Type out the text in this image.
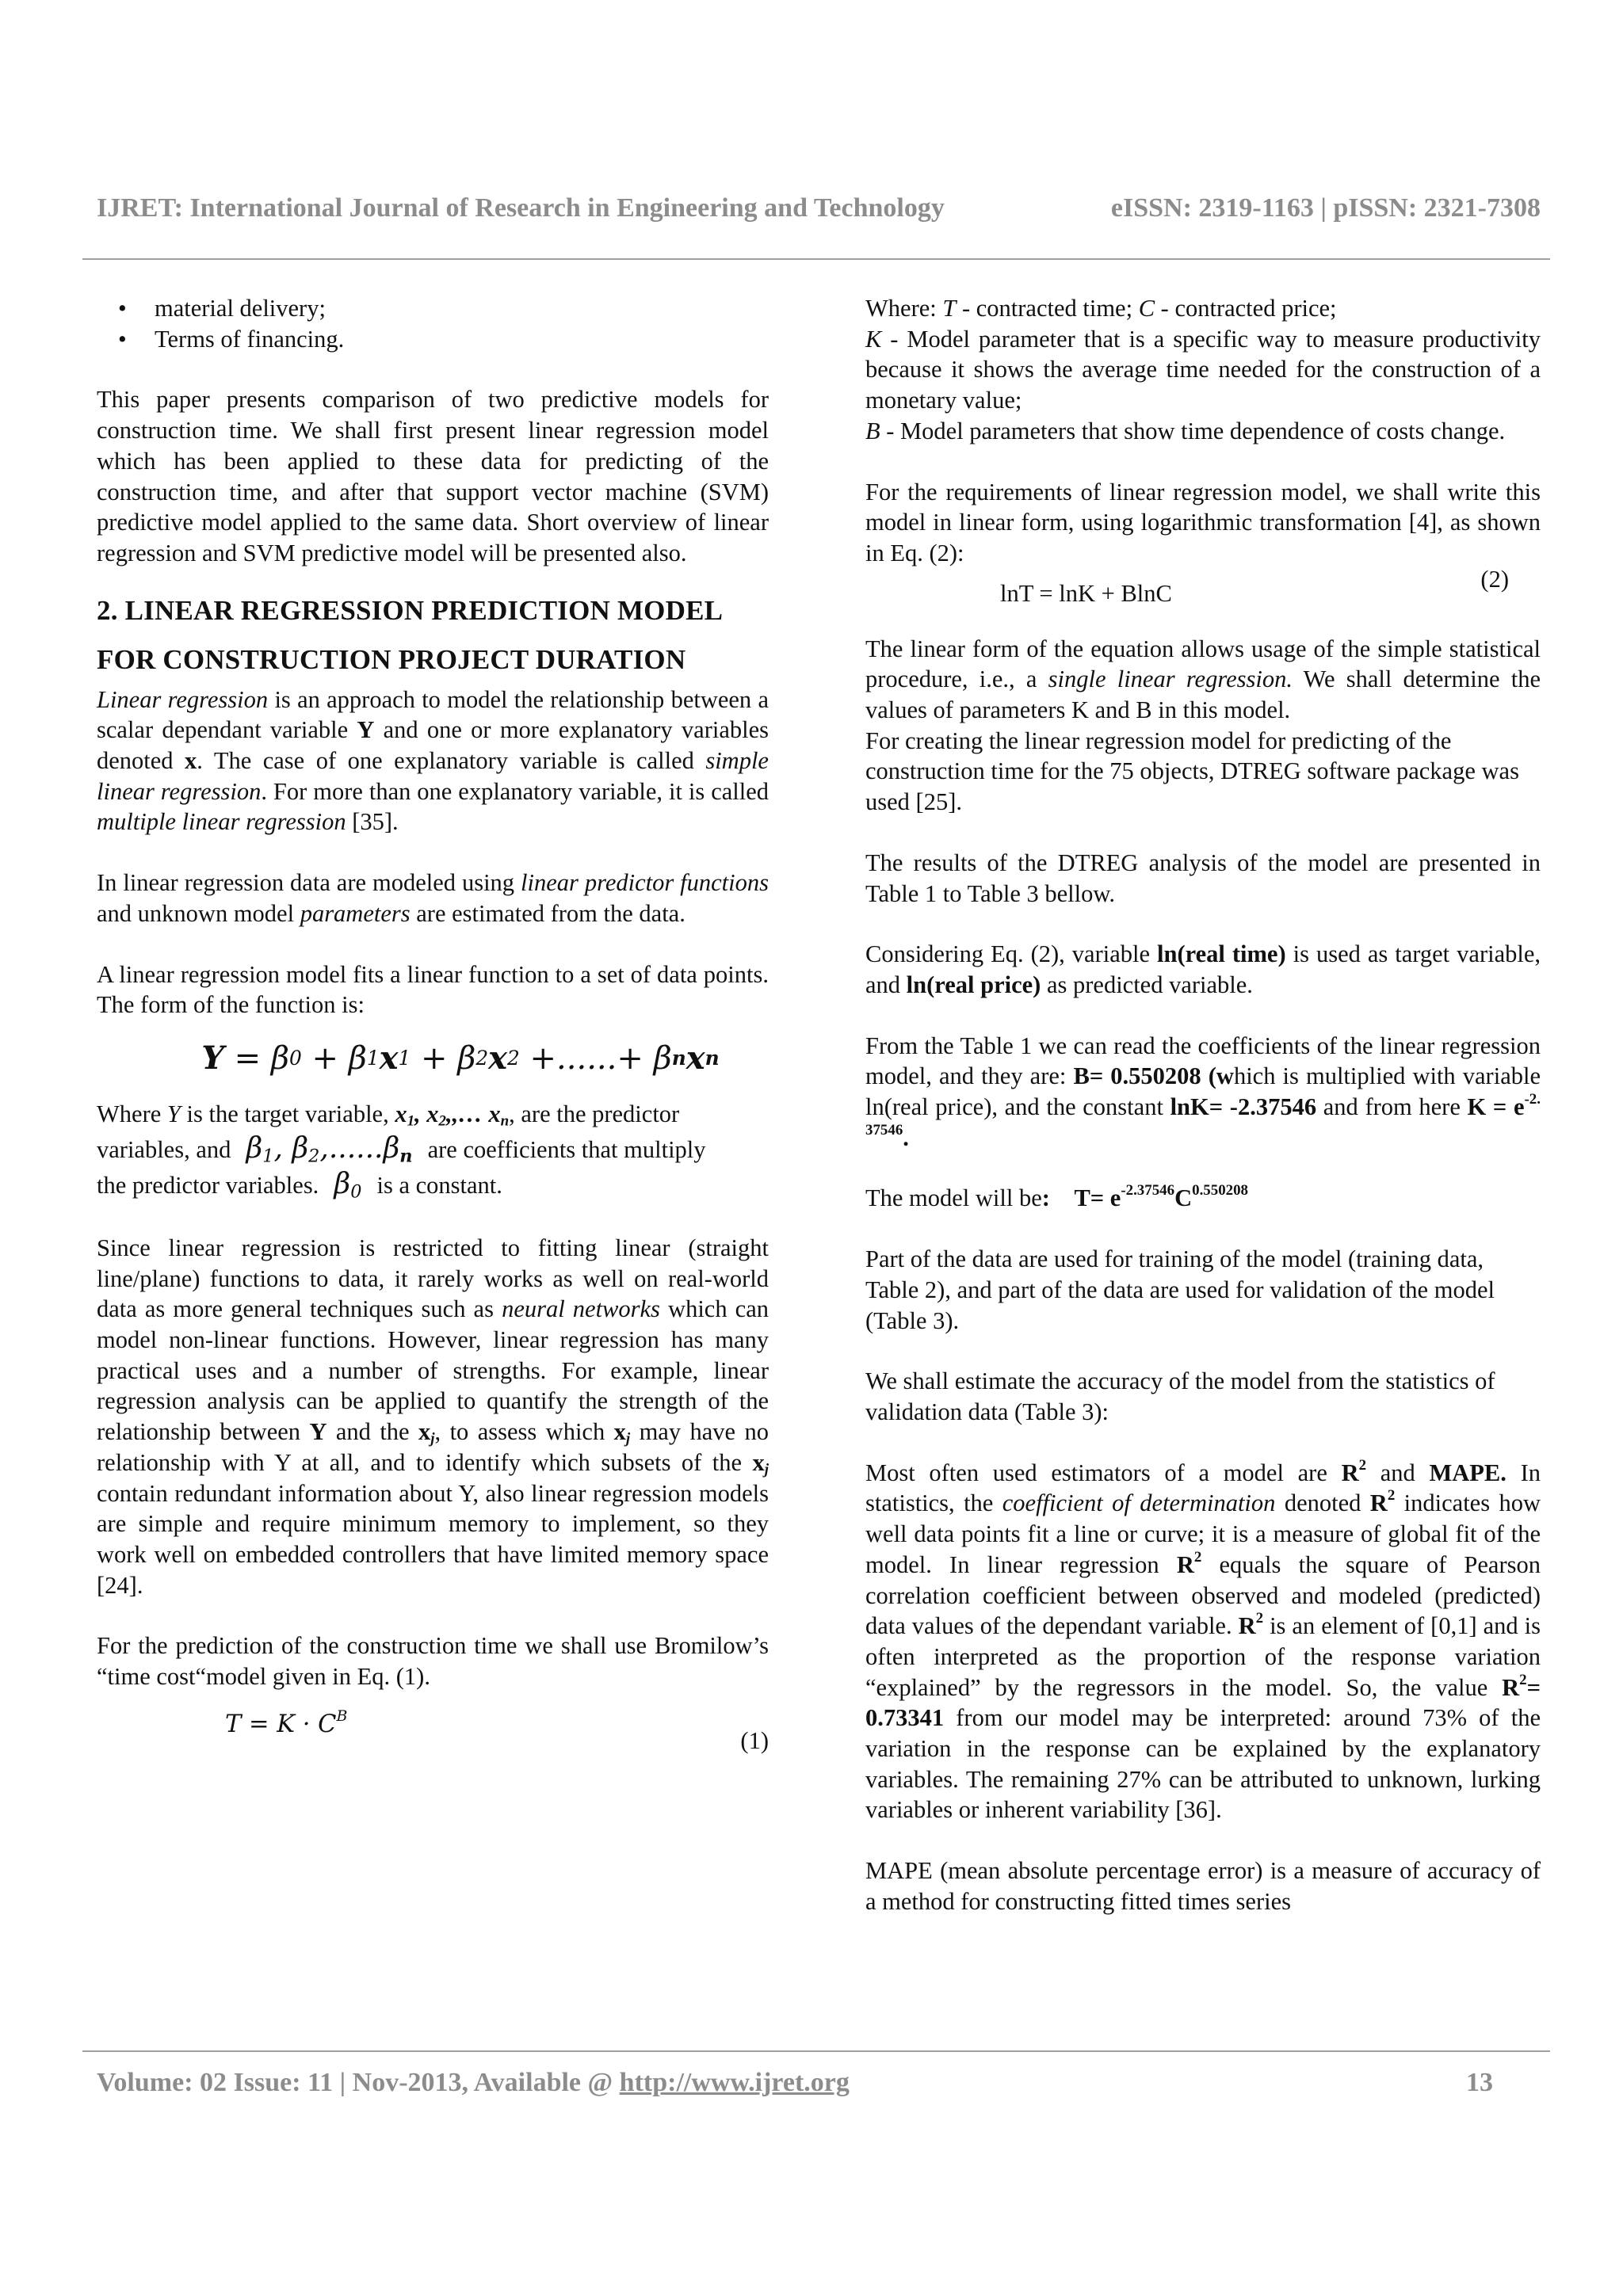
IJRET: International Journal of Research in Engineering and Technology	eISSN: 2319-1163 | pISSN: 2321-7308
• material delivery;
• Terms of financing.

This paper presents comparison of two predictive models for construction time. We shall first present linear regression model which has been applied to these data for predicting of the construction time, and after that support vector machine (SVM) predictive model applied to the same data. Short overview of linear regression and SVM predictive model will be presented also.

2. LINEAR REGRESSION PREDICTION MODEL
FOR CONSTRUCTION PROJECT DURATION

Linear regression is an approach to model the relationship between a scalar dependant variable Y and one or more explanatory variables denoted x. The case of one explanatory variable is called simple linear regression. For more than one explanatory variable, it is called multiple linear regression [35].

In linear regression data are modeled using linear predictor functions and unknown model parameters are estimated from the data.

A linear regression model fits a linear function to a set of data points. The form of the function is:

Y = β 0 + β 1 x 1 + β 2 x 2 +......+ β n x n

Where Y is the target variable, $x_1$, $x_2,,\dots$ $x_n$, are the predictor
variables, and  $\beta_1$, $\beta_2,......\beta_n$ are coefficients that multiply
the predictor variables.  $\beta_0$ is a constant.

Since linear regression is restricted to fitting linear (straight line/plane) functions to data, it rarely works as well on real-world data as more general techniques such as neural networks which can model non-linear functions. However, linear regression has many practical uses and a number of strengths. For example, linear regression analysis can be applied to quantify the strength of the relationship between Y and the $x_j$, to assess which $x_j$ may have no relationship with Y at all, and to identify which subsets of the $x_j$ contain redundant information about Y, also linear regression models are simple and require minimum memory to implement, so they work well on embedded controllers that have limited memory space [24].

For the prediction of the construction time we shall use Bromilow’s “time cost“model given in Eq. (1).

$T = K \cdot C^B$
(1)

Where: T - contracted time; C - contracted price;
K - Model parameter that is a specific way to measure productivity because it shows the average time needed for the construction of a monetary value;
B - Model parameters that show time dependence of costs change.

For the requirements of linear regression model, we shall write this model in linear form, using logarithmic transformation [4], as shown in Eq. (2):

lnT = lnK + BlnC
(2)

The linear form of the equation allows usage of the simple statistical procedure, i.e., a single linear regression. We shall determine the values of parameters K and B in this model.

For creating the linear regression model for predicting of the construction time for the 75 objects, DTREG software package was used [25].

The results of the DTREG analysis of the model are presented in Table 1 to Table 3 bellow.

Considering Eq. (2), variable ln(real time) is used as target variable, and ln(real price) as predicted variable.

From the Table 1 we can read the coefficients of the linear regression model, and they are: B= 0.550208 (which is multiplied with variable ln(real price), and the constant lnK= -2.37546 and from here $K = e^{-2. 37546}$.

The model will be: $T= e^{-2.37546}C^{0.550208}$

Part of the data are used for training of the model (training data, Table 2), and part of the data are used for validation of the model (Table 3).

We shall estimate the accuracy of the model from the statistics of validation data (Table 3):

Most often used estimators of a model are $R^2$ and MAPE. In statistics, the coefficient of determination denoted $R^2$ indicates how well data points fit a line or curve; it is a measure of global fit of the model. In linear regression $R^2$ equals the square of Pearson correlation coefficient between observed and modeled (predicted) data values of the dependant variable. $R^2$ is an element of [0,1] and is often interpreted as the proportion of the response variation “explained” by the regressors in the model. So, the value $R^2= 0.73341$ from our model may be interpreted: around 73% of the variation in the response can be explained by the explanatory variables. The remaining 27% can be attributed to unknown, lurking variables or inherent variability [36].

MAPE (mean absolute percentage error) is a measure of accuracy of a method for constructing fitted times series

Volume: 02 Issue: 11 | Nov-2013, Available @ http://www.ijret.org	13
